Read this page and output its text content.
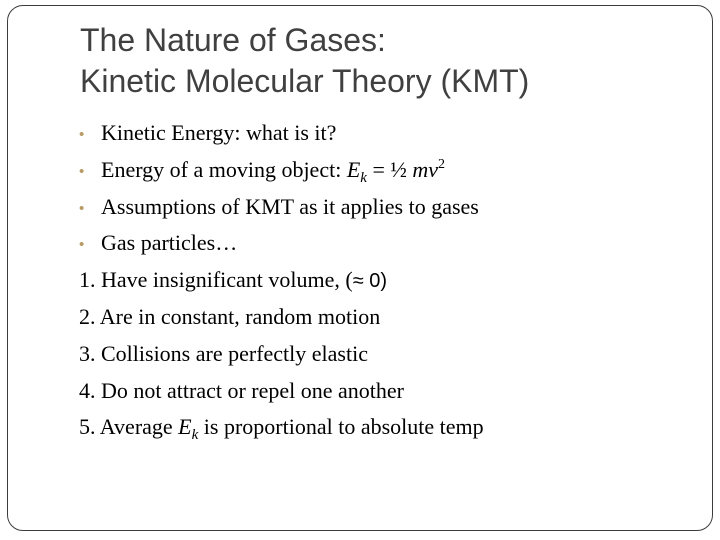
The Nature of Gases:
Kinetic Molecular Theory (KMT)
• Kinetic Energy: what is it?
• Energy of a moving object: $E_k$ = ½ $mv^2$
• Assumptions of KMT as it applies to gases
• Gas particles…
1. Have insignificant volume, (≈ 0)
2. Are in constant, random motion
3. Collisions are perfectly elastic
4. Do not attract or repel one another
5. Average $E_k$ is proportional to absolute temp
